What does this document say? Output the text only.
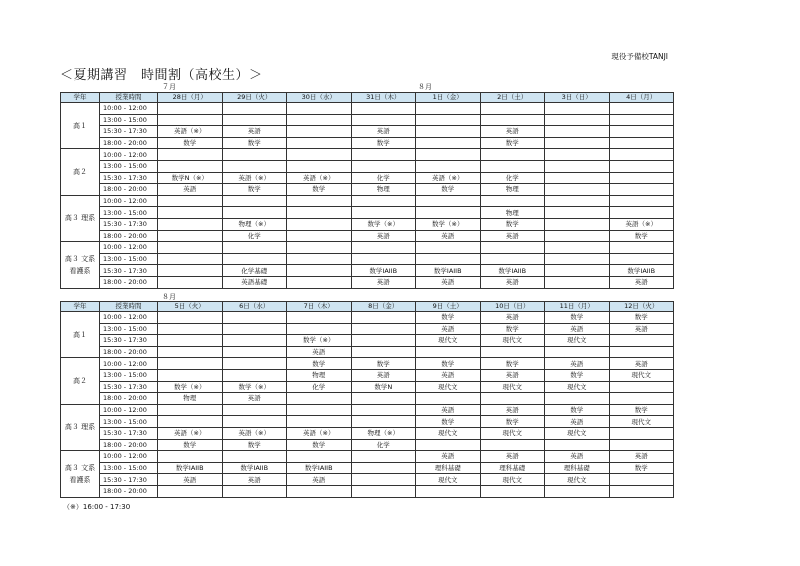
現役予備校TANJI
＜夏期講習　時間割（高校生）＞
７月	８月
学年	授業時間	28日（月）	29日（火）	30日（水）	31日（木）	1日（金）	2日（土）	3日（日）	4日（月）
高１	10:00 - 12:00								
	13:00 - 15:00								
	15:30 - 17:30	英語（※）	英語		英語		英語		
	18:00 - 20:00	数学	数学		数学		数学		
高２	10:00 - 12:00								
	13:00 - 15:00								
	15:30 - 17:30	数学N（※）	英語（※）	英語（※）	化学	英語（※）	化学		
	18:00 - 20:00	英語	数学	数学	物理	数学	物理		
高３ 理系	10:00 - 12:00								
	13:00 - 15:00						物理		
	15:30 - 17:30		物理（※）		数学（※）	数学（※）	数学		英語（※）
	18:00 - 20:00		化学		英語	英語	英語		数学
高３ 文系 看護系	10:00 - 12:00								
	13:00 - 15:00								
	15:30 - 17:30		化学基礎		数学IAIIB	数学IAIIB	数学IAIIB		数学IAIIB
	18:00 - 20:00		英語基礎		英語	英語	英語		英語
８月
学年	授業時間	5日（火）	6日（水）	7日（木）	8日（金）	9日（土）	10日（日）	11日（月）	12日（火）
高１	10:00 - 12:00					数学	英語	数学	数学
	13:00 - 15:00					英語	数学	英語	英語
	15:30 - 17:30			数学（※）		現代文	現代文	現代文	
	18:00 - 20:00			英語					
高２	10:00 - 12:00			数学	数学	数学	数学	英語	英語
	13:00 - 15:00			物理	英語	英語	英語	数学	現代文
	15:30 - 17:30	数学（※）	数学（※）	化学	数学N	現代文	現代文	現代文	
	18:00 - 20:00	物理	英語						
高３ 理系	10:00 - 12:00					英語	英語	数学	数学
	13:00 - 15:00					数学	数学	英語	現代文
	15:30 - 17:30	英語（※）	英語（※）	英語（※）	物理（※）	現代文	現代文	現代文	
	18:00 - 20:00	数学	数学	数学	化学				
高３ 文系 看護系	10:00 - 12:00					英語	英語	英語	英語
	13:00 - 15:00	数学IAIIB	数学IAIIB	数学IAIIB		理科基礎	理科基礎	理科基礎	数学
	15:30 - 17:30	英語	英語	英語		現代文	現代文	現代文	
	18:00 - 20:00								
（※）16:00 - 17:30
